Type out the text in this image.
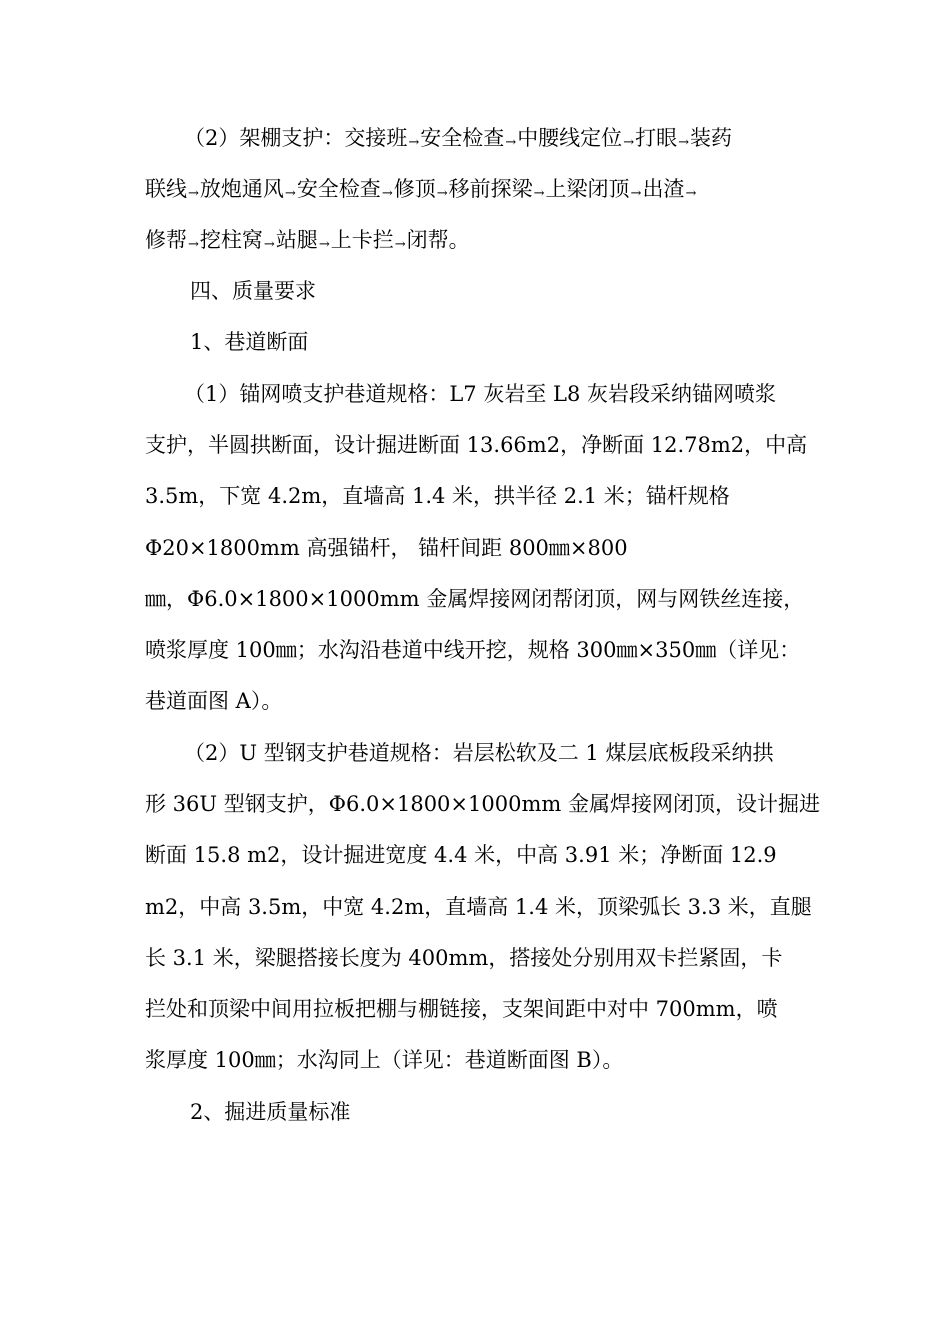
（2）架棚支护：交接班→安全检查→中腰线定位→打眼→装药
联线→放炮通风→安全检查→修顶→移前探梁→上梁闭顶→出渣→
修帮→挖柱窝→站腿→上卡拦→闭帮。
四、质量要求
1、巷道断面
（1）锚网喷支护巷道规格：L7 灰岩至 L8 灰岩段采纳锚网喷浆
支护，半圆拱断面，设计掘进断面 13.66m2，净断面 12.78m2，中高
3.5m，下宽 4.2m，直墙高 1.4 米，拱半径 2.1 米；锚杆规格
Φ20×1800mm 高强锚杆， 锚杆间距 800㎜×800
㎜，Φ6.0×1800×1000mm 金属焊接网闭帮闭顶，网与网铁丝连接，
喷浆厚度 100㎜；水沟沿巷道中线开挖，规格 300㎜×350㎜（详见：
巷道面图 A）。
（2）U 型钢支护巷道规格：岩层松软及二 1 煤层底板段采纳拱
形 36U 型钢支护，Φ6.0×1800×1000mm 金属焊接网闭顶，设计掘进
断面 15.8 m2，设计掘进宽度 4.4 米，中高 3.91 米；净断面 12.9
m2，中高 3.5m，中宽 4.2m，直墙高 1.4 米，顶梁弧长 3.3 米，直腿
长 3.1 米，梁腿搭接长度为 400mm，搭接处分别用双卡拦紧固，卡
拦处和顶梁中间用拉板把棚与棚链接，支架间距中对中 700mm，喷
浆厚度 100㎜；水沟同上（详见：巷道断面图 B）。
2、掘进质量标准
